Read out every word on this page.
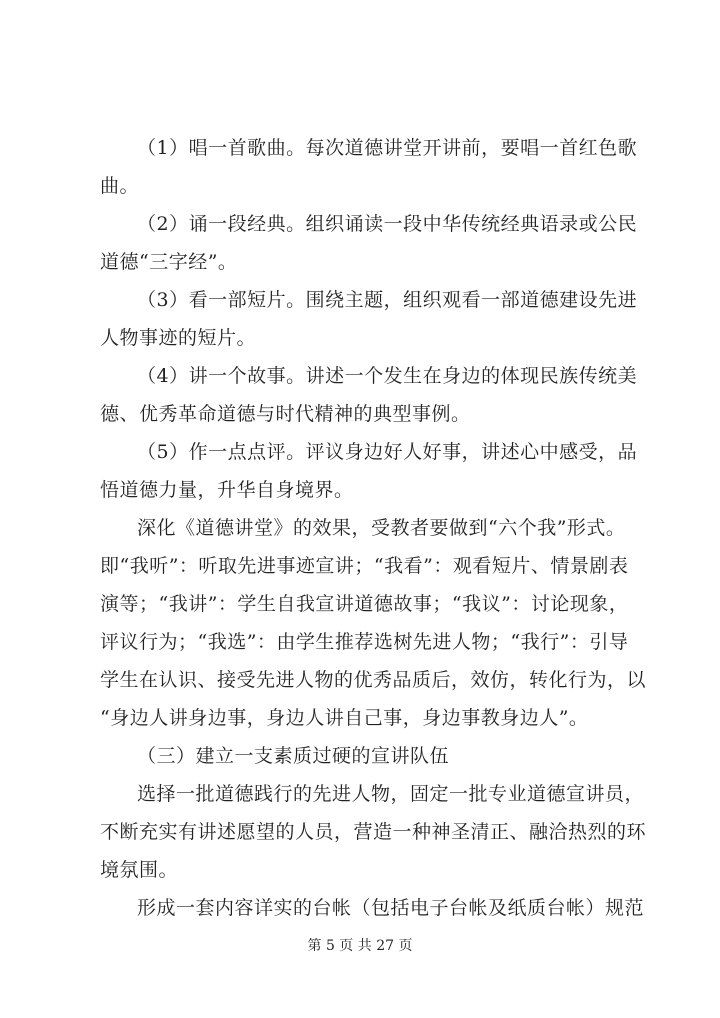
（1）唱一首歌曲。每次道德讲堂开讲前，要唱一首红色歌
曲。
（2）诵一段经典。组织诵读一段中华传统经典语录或公民
道德“三字经”。
（3）看一部短片。围绕主题，组织观看一部道德建设先进
人物事迹的短片。
（4）讲一个故事。讲述一个发生在身边的体现民族传统美
德、优秀革命道德与时代精神的典型事例。
（5）作一点点评。评议身边好人好事，讲述心中感受，品
悟道德力量，升华自身境界。
深化《道德讲堂》的效果，受教者要做到“六个我”形式。
即“我听”：听取先进事迹宣讲；“我看”：观看短片、情景剧表
演等；“我讲”：学生自我宣讲道德故事；“我议”：讨论现象，
评议行为；“我选”：由学生推荐选树先进人物；“我行”：引导
学生在认识、接受先进人物的优秀品质后，效仿，转化行为，以
“身边人讲身边事，身边人讲自己事，身边事教身边人”。
（三）建立一支素质过硬的宣讲队伍
选择一批道德践行的先进人物，固定一批专业道德宣讲员，
不断充实有讲述愿望的人员，营造一种神圣清正、融洽热烈的环
境氛围。
形成一套内容详实的台帐（包括电子台帐及纸质台帐）规范
第 5 页 共 27 页
